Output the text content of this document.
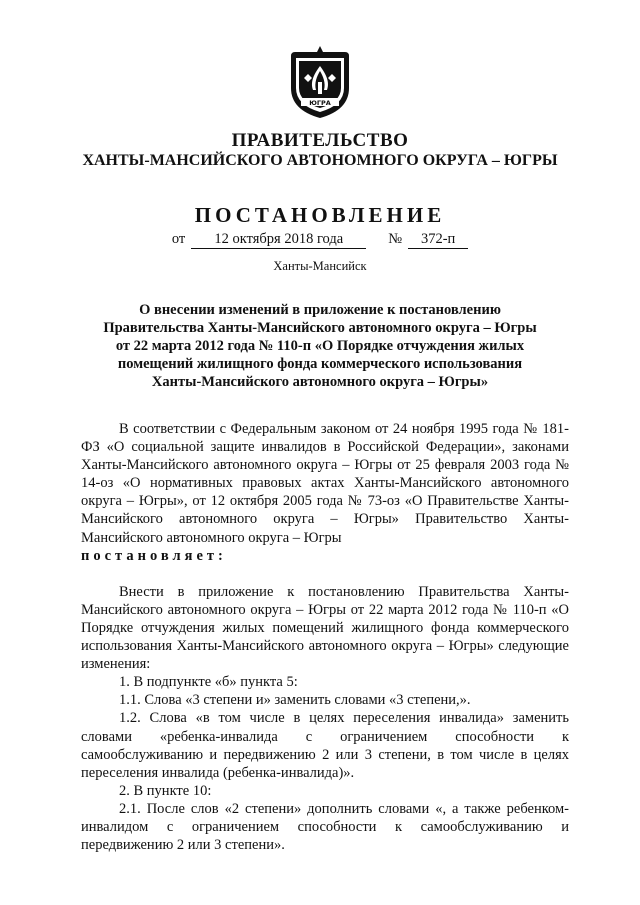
ЮГРА
ПРАВИТЕЛЬСТВО
ХАНТЫ-МАНСИЙСКОГО АВТОНОМНОГО ОКРУГА – ЮГРЫ
ПОСТАНОВЛЕНИЕ
от 12 октября 2018 года	№ 372-п
Ханты-Мансийск
О внесении изменений в приложение к постановлению
Правительства Ханты-Мансийского автономного округа – Югры
от 22 марта 2012 года № 110-п «О Порядке отчуждения жилых
помещений жилищного фонда коммерческого использования
Ханты-Мансийского автономного округа – Югры»

В соответствии с Федеральным законом от 24 ноября 1995 года № 181-ФЗ «О социальной защите инвалидов в Российской Федерации», законами Ханты-Мансийского автономного округа – Югры от 25 февраля 2003 года № 14-оз «О нормативных правовых актах Ханты-Мансийского автономного округа – Югры», от 12 октября 2005 года № 73-оз «О Правительстве Ханты-Мансийского автономного округа – Югры» Правительство Ханты-Мансийского автономного округа – Югры

постановляет:

Внести в приложение к постановлению Правительства Ханты-Мансийского автономного округа – Югры от 22 марта 2012 года № 110-п «О Порядке отчуждения жилых помещений жилищного фонда коммерческого использования Ханты-Мансийского автономного округа – Югры» следующие изменения:

1. В подпункте «б» пункта 5:

1.1. Слова «3 степени и» заменить словами «3 степени,».

1.2. Слова «в том числе в целях переселения инвалида» заменить словами «ребенка-инвалида с ограничением способности к самообслуживанию и передвижению 2 или 3 степени, в том числе в целях переселения инвалида (ребенка-инвалида)».

2. В пункте 10:

2.1. После слов «2 степени» дополнить словами «, а также ребенком-инвалидом с ограничением способности к самообслуживанию и передвижению 2 или 3 степени».
